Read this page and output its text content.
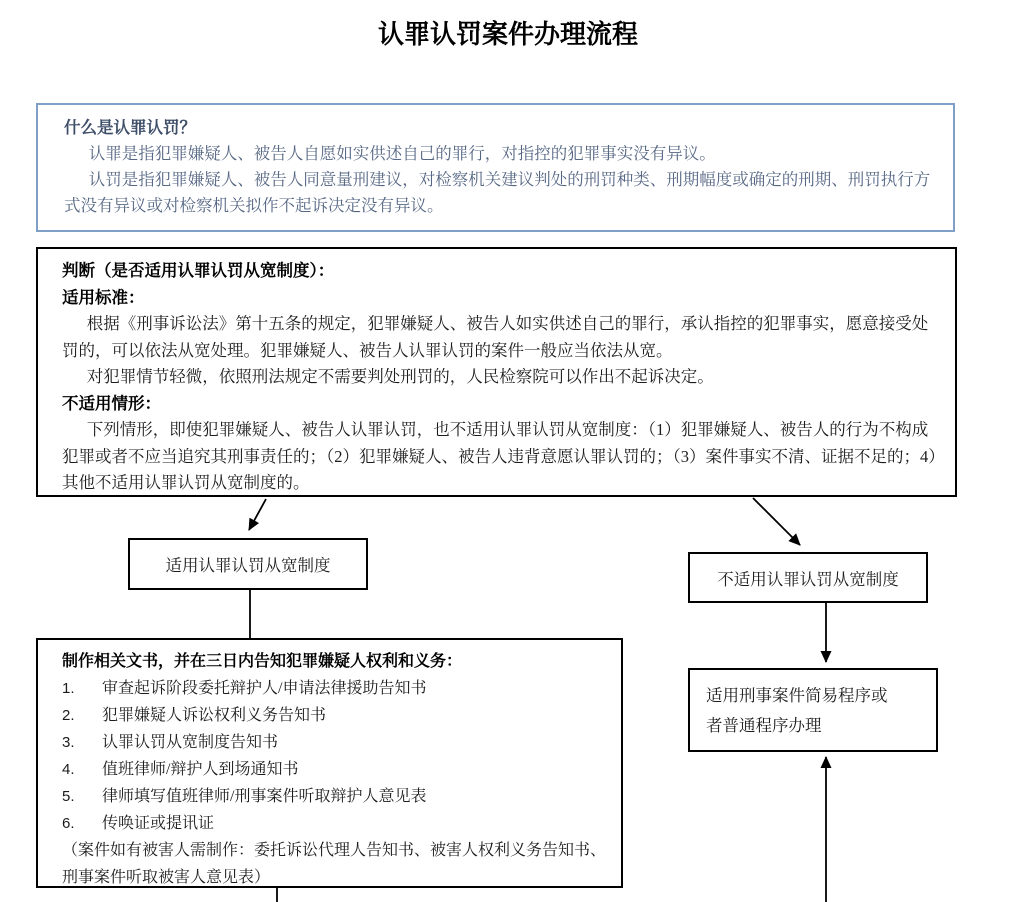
认罪认罚案件办理流程

什么是认罪认罚？

认罪是指犯罪嫌疑人、被告人自愿如实供述自己的罪行，对指控的犯罪事实没有异议。

认罚是指犯罪嫌疑人、被告人同意量刑建议，对检察机关建议判处的刑罚种类、刑期幅度或确定的刑期、刑罚执行方式没有异议或对检察机关拟作不起诉决定没有异议。

判断（是否适用认罪认罚从宽制度）：

适用标准：

根据《刑事诉讼法》第十五条的规定，犯罪嫌疑人、被告人如实供述自己的罪行，承认指控的犯罪事实，愿意接受处罚的，可以依法从宽处理。犯罪嫌疑人、被告人认罪认罚的案件一般应当依法从宽。

对犯罪情节轻微，依照刑法规定不需要判处刑罚的，人民检察院可以作出不起诉决定。

不适用情形：

下列情形，即使犯罪嫌疑人、被告人认罪认罚，也不适用认罪认罚从宽制度：（1）犯罪嫌疑人、被告人的行为不构成犯罪或者不应当追究其刑事责任的；（2）犯罪嫌疑人、被告人违背意愿认罪认罚的；（3）案件事实不清、证据不足的；4）其他不适用认罪认罚从宽制度的。

适用认罪认罚从宽制度
不适用认罪认罚从宽制度

制作相关文书，并在三日内告知犯罪嫌疑人权利和义务：

1.	审查起诉阶段委托辩护人/申请法律援助告知书
2.	犯罪嫌疑人诉讼权利义务告知书
3.	认罪认罚从宽制度告知书
4.	值班律师/辩护人到场通知书
5.	律师填写值班律师/刑事案件听取辩护人意见表
6.	传唤证或提讯证

（案件如有被害人需制作：委托诉讼代理人告知书、被害人权利义务告知书、刑事案件听取被害人意见表）

适用刑事案件简易程序或者普通程序办理
